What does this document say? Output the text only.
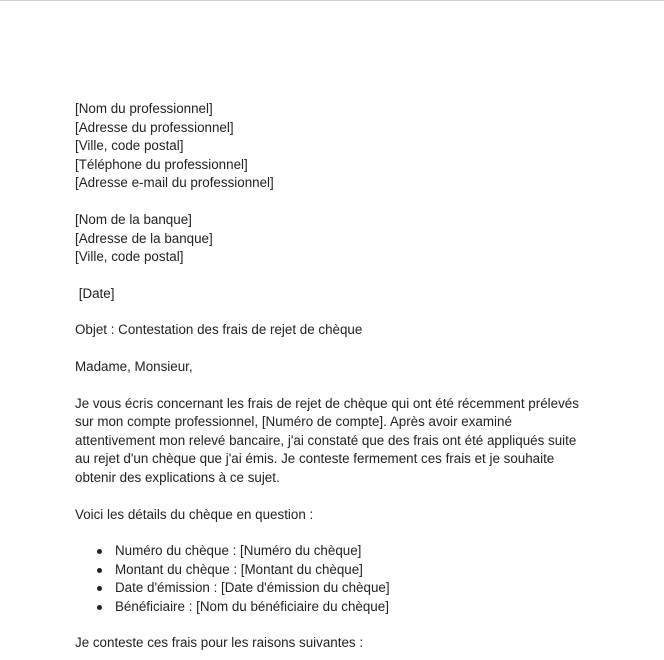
[Nom du professionnel]
[Adresse du professionnel]
[Ville, code postal]
[Téléphone du professionnel]
[Adresse e-mail du professionnel]
[Nom de la banque]
[Adresse de la banque]
[Ville, code postal]
[Date]
Objet : Contestation des frais de rejet de chèque
Madame, Monsieur,
Je vous écris concernant les frais de rejet de chèque qui ont été récemment prélevés
sur mon compte professionnel, [Numéro de compte]. Après avoir examiné
attentivement mon relevé bancaire, j'ai constaté que des frais ont été appliqués suite
au rejet d'un chèque que j'ai émis. Je conteste fermement ces frais et je souhaite
obtenir des explications à ce sujet.
Voici les détails du chèque en question :
Numéro du chèque : [Numéro du chèque]
Montant du chèque : [Montant du chèque]
Date d'émission : [Date d'émission du chèque]
Bénéficiaire : [Nom du bénéficiaire du chèque]
Je conteste ces frais pour les raisons suivantes :
